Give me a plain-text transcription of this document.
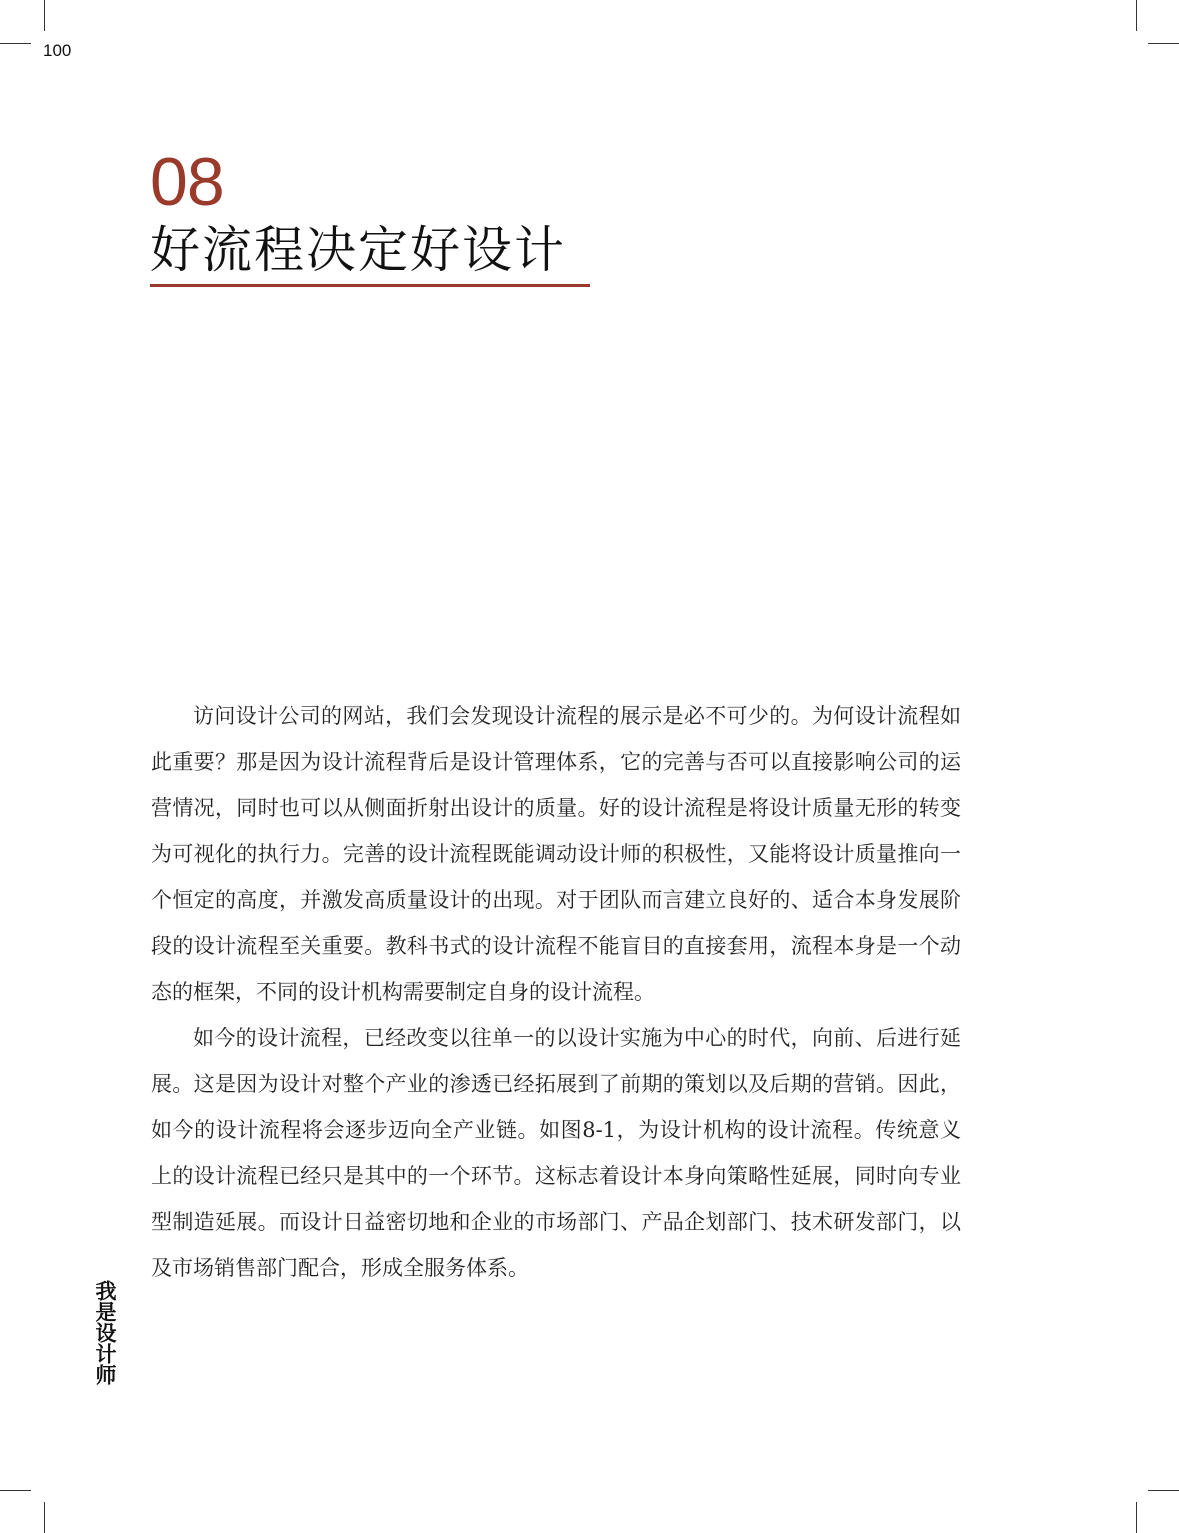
100
08
好流程决定好设计

访问设计公司的网站，我们会发现设计流程的展示是必不可少的。为何设计流程如此重要？那是因为设计流程背后是设计管理体系，它的完善与否可以直接影响公司的运营情况，同时也可以从侧面折射出设计的质量。好的设计流程是将设计质量无形的转变为可视化的执行力。完善的设计流程既能调动设计师的积极性，又能将设计质量推向一个恒定的高度，并激发高质量设计的出现。对于团队而言建立良好的、适合本身发展阶段的设计流程至关重要。教科书式的设计流程不能盲目的直接套用，流程本身是一个动态的框架，不同的设计机构需要制定自身的设计流程。

如今的设计流程，已经改变以往单一的以设计实施为中心的时代，向前、后进行延展。这是因为设计对整个产业的渗透已经拓展到了前期的策划以及后期的营销。因此，如今的设计流程将会逐步迈向全产业链。如图8-1，为设计机构的设计流程。传统意义上的设计流程已经只是其中的一个环节。这标志着设计本身向策略性延展，同时向专业型制造延展。而设计日益密切地和企业的市场部门、产品企划部门、技术研发部门，以及市场销售部门配合，形成全服务体系。

我是设计师
